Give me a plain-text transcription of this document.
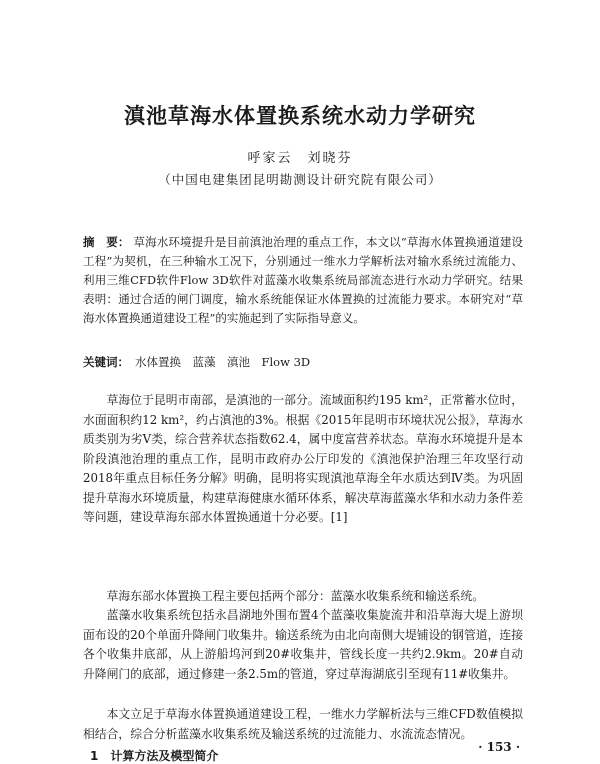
滇池草海水体置换系统水动力学研究
呼家云　刘晓芬
（中国电建集团昆明勘测设计研究院有限公司）
摘　要： 草海水环境提升是目前滇池治理的重点工作，本文以“草海水体置换通道建设工程”为契机，在三种输水工况下，分别通过一维水力学解析法对输水系统过流能力、利用三维CFD软件Flow 3D软件对蓝藻水收集系统局部流态进行水动力学研究。结果表明：通过合适的闸门调度，输水系统能保证水体置换的过流能力要求。本研究对“草海水体置换通道建设工程”的实施起到了实际指导意义。
关键词： 水体置换　蓝藻　滇池　Flow 3D

草海位于昆明市南部，是滇池的一部分。流域面积约195 km²，正常蓄水位时，水面面积约12 km²，约占滇池的3%。根据《2015年昆明市环境状况公报》，草海水质类别为劣V类，综合营养状态指数62.4，属中度富营养状态。草海水环境提升是本阶段滇池治理的重点工作，昆明市政府办公厅印发的《滇池保护治理三年攻坚行动2018年重点目标任务分解》明确，昆明将实现滇池草海全年水质达到Ⅳ类。为巩固提升草海水环境质量，构建草海健康水循环体系，解决草海蓝藻水华和水动力条件差等问题，建设草海东部水体置换通道十分必要。[1]

草海东部水体置换工程主要包括两个部分：蓝藻水收集系统和输送系统。

蓝藻水收集系统包括永昌湖地外围布置4个蓝藻收集旋流井和沿草海大堤上游坝面布设的20个单面升降闸门收集井。输送系统为由北向南侧大堤铺设的钢管道，连接各个收集井底部，从上游船坞河到20#收集井，管线长度一共约2.9km。20#自动升降闸门的底部，通过修建一条2.5m的管道，穿过草海湖底引至现有11#收集井。

本文立足于草海水体置换通道建设工程，一维水力学解析法与三维CFD数值模拟相结合，综合分析蓝藻水收集系统及输送系统的过流能力、水流流态情况。

1 计算方法及模型简介
· 153 ·
